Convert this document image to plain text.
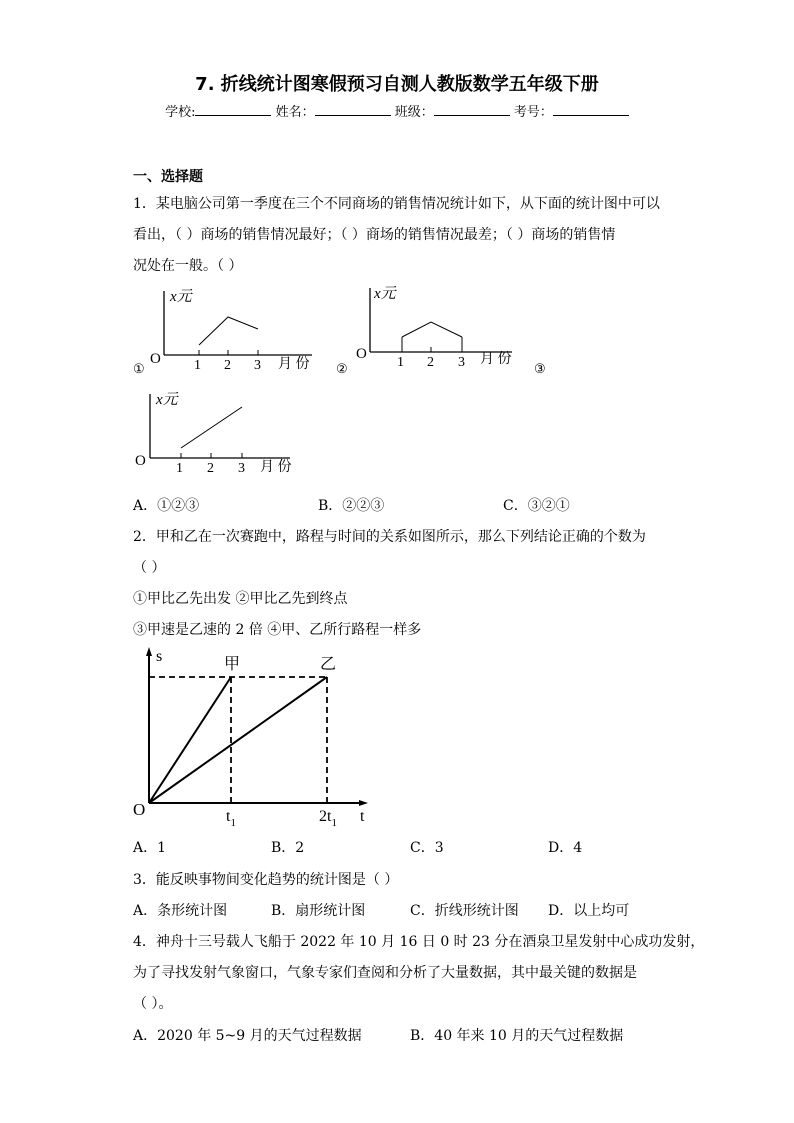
7. 折线统计图寒假预习自测人教版数学五年级下册
学校:	姓名：	班级：	考号：
一、选择题
1．某电脑公司第一季度在三个不同商场的销售情况统计如下，从下面的统计图中可以
看出，（ ）商场的销售情况最好；（ ）商场的销售情况最差；（ ）商场的销售情
况处在一般。（ ）
x元
O 1 2 3 月 份
①
x元
O
1 2 3 月 份
②	③
x元
O 1 2 3 月 份
A．①②③	B．②②③	C．③②①
2．甲和乙在一次赛跑中，路程与时间的关系如图所示，那么下列结论正确的个数为
（ ）
①甲比乙先出发 ②甲比乙先到终点
③甲速是乙速的 2 倍 ④甲、乙所行路程一样多
s
O	t
甲	乙
$t_1$	$2t_1$
A．1	B．2	C．3	D．4
3．能反映事物间变化趋势的统计图是（ ）
A．条形统计图	B．扇形统计图	C．折线形统计图 D．以上均可
4．神舟十三号载人飞船于 2022 年 10 月 16 日 0 时 23 分在酒泉卫星发射中心成功发射，
为了寻找发射气象窗口，气象专家们查阅和分析了大量数据，其中最关键的数据是
（ ）。
A．2020 年 5~9 月的天气过程数据	B．40 年来 10 月的天气过程数据
